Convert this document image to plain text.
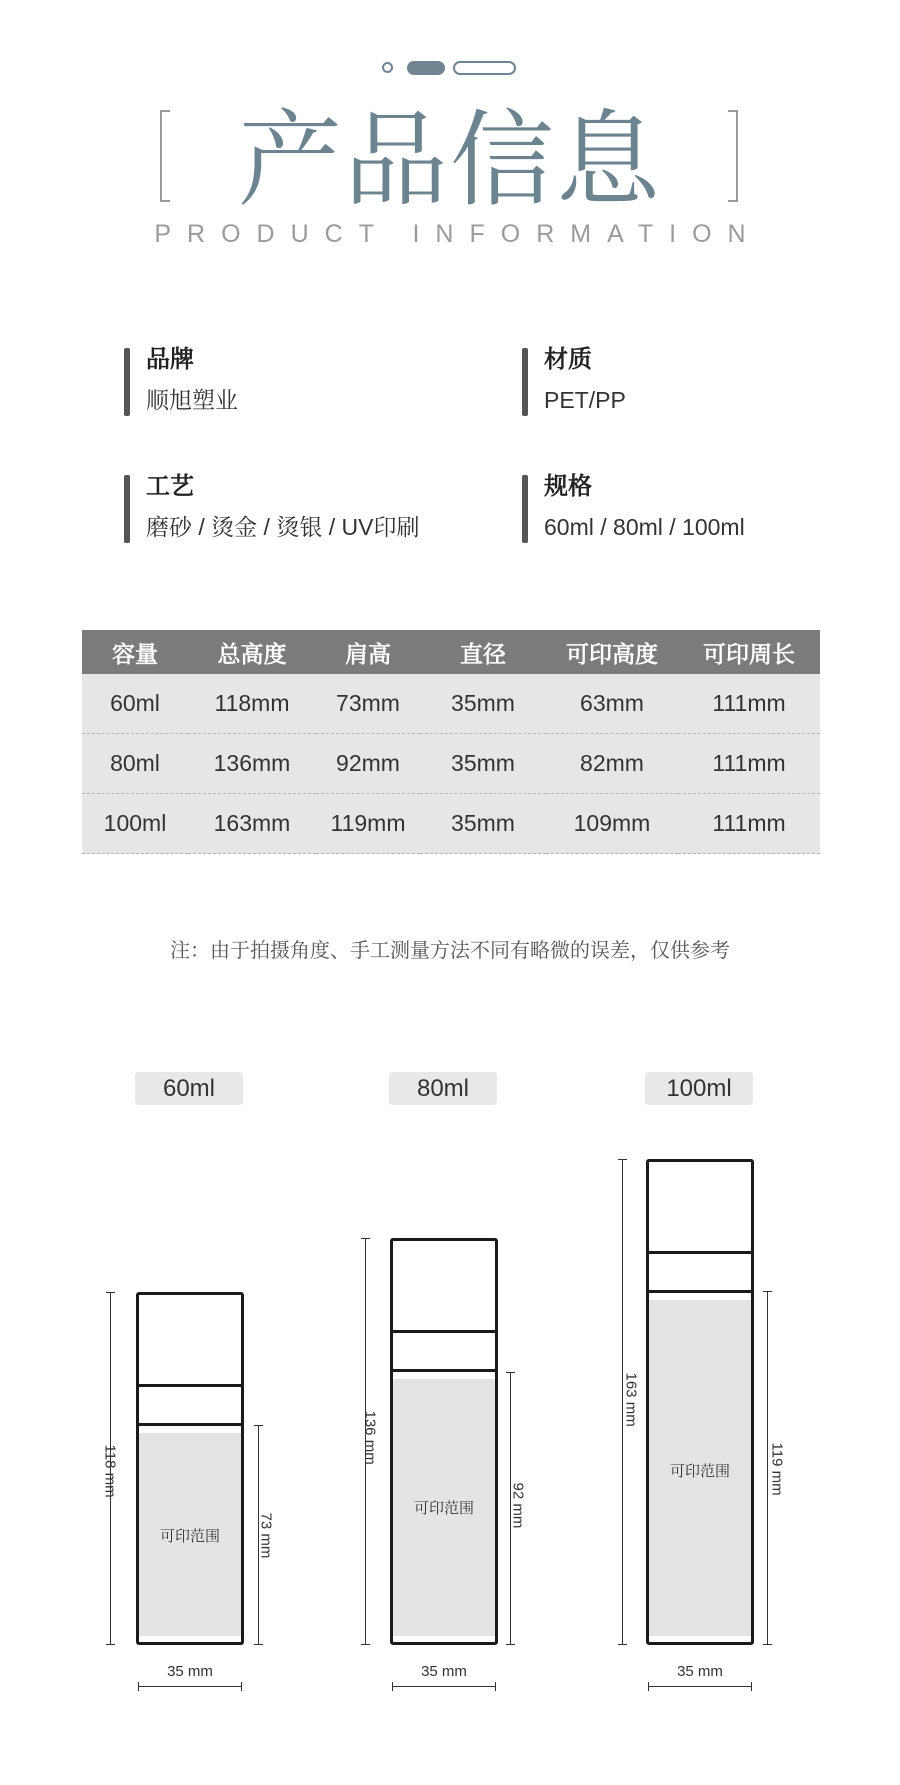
产品信息
PRODUCT INFORMATION
品牌
顺旭塑业
材质
PET/PP
工艺
磨砂 / 烫金 / 烫银 / UV印刷
规格
60ml / 80ml / 100ml
容量	总高度	肩高	直径	可印高度	可印周长
60ml	118mm	73mm	35mm	63mm	111mm
80ml	136mm	92mm	35mm	82mm	111mm
100ml	163mm	119mm	35mm	109mm	111mm
注：由于拍摄角度、手工测量方法不同有略微的误差，仅供参考
60ml
可印范围
118 mm
73 mm
35 mm
80ml
可印范围
136 mm
92 mm
35 mm
100ml
可印范围
163 mm
119 mm
35 mm
